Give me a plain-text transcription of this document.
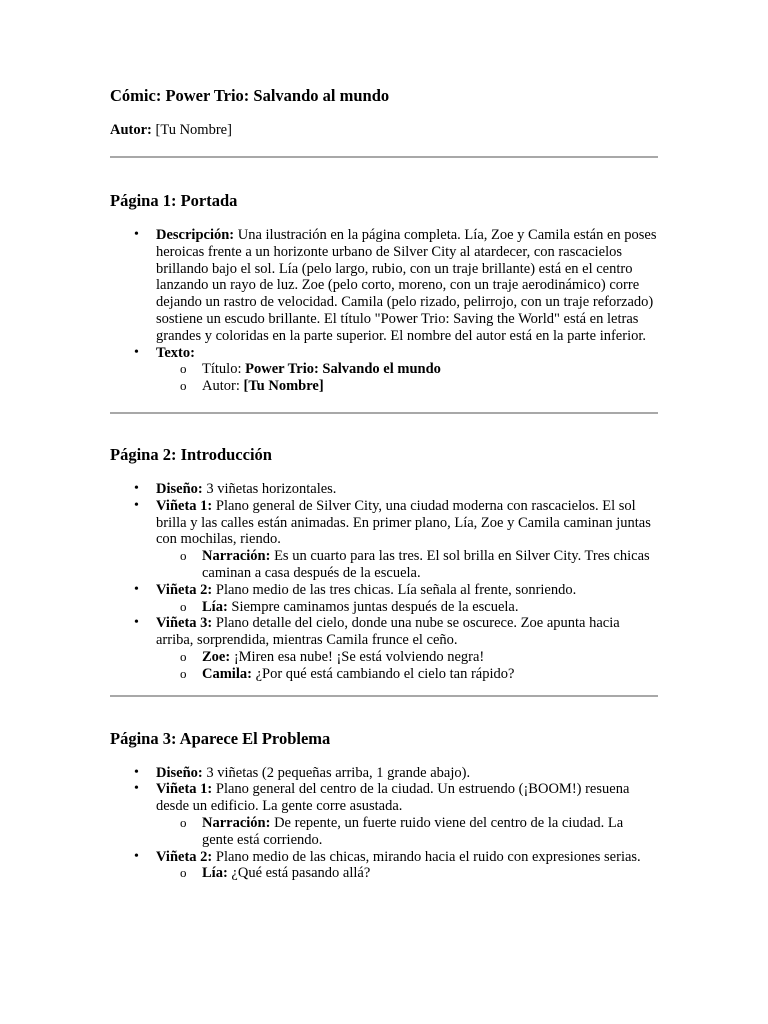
Cómic: Power Trio: Salvando al mundo
Autor: [Tu Nombre]
Página 1: Portada
• Descripción: Una ilustración en la página completa. Lía, Zoe y Camila están en poses heroicas frente a un horizonte urbano de Silver City al atardecer, con rascacielos brillando bajo el sol. Lía (pelo largo, rubio, con un traje brillante) está en el centro lanzando un rayo de luz. Zoe (pelo corto, moreno, con un traje aerodinámico) corre dejando un rastro de velocidad. Camila (pelo rizado, pelirrojo, con un traje reforzado) sostiene un escudo brillante. El título "Power Trio: Saving the World" está en letras grandes y coloridas en la parte superior. El nombre del autor está en la parte inferior.
• Texto:
o Título: Power Trio: Salvando el mundo
o Autor: [Tu Nombre]
Página 2: Introducción
• Diseño: 3 viñetas horizontales.
• Viñeta 1: Plano general de Silver City, una ciudad moderna con rascacielos. El sol brilla y las calles están animadas. En primer plano, Lía, Zoe y Camila caminan juntas con mochilas, riendo.
o Narración: Es un cuarto para las tres. El sol brilla en Silver City. Tres chicas caminan a casa después de la escuela.
• Viñeta 2: Plano medio de las tres chicas. Lía señala al frente, sonriendo.
o Lía: Siempre caminamos juntas después de la escuela.
• Viñeta 3: Plano detalle del cielo, donde una nube se oscurece. Zoe apunta hacia arriba, sorprendida, mientras Camila frunce el ceño.
o Zoe: ¡Miren esa nube! ¡Se está volviendo negra!
o Camila: ¿Por qué está cambiando el cielo tan rápido?
Página 3: Aparece El Problema
• Diseño: 3 viñetas (2 pequeñas arriba, 1 grande abajo).
• Viñeta 1: Plano general del centro de la ciudad. Un estruendo (¡BOOM!) resuena desde un edificio. La gente corre asustada.
o Narración: De repente, un fuerte ruido viene del centro de la ciudad. La gente está corriendo.
• Viñeta 2: Plano medio de las chicas, mirando hacia el ruido con expresiones serias.
o Lía: ¿Qué está pasando allá?
